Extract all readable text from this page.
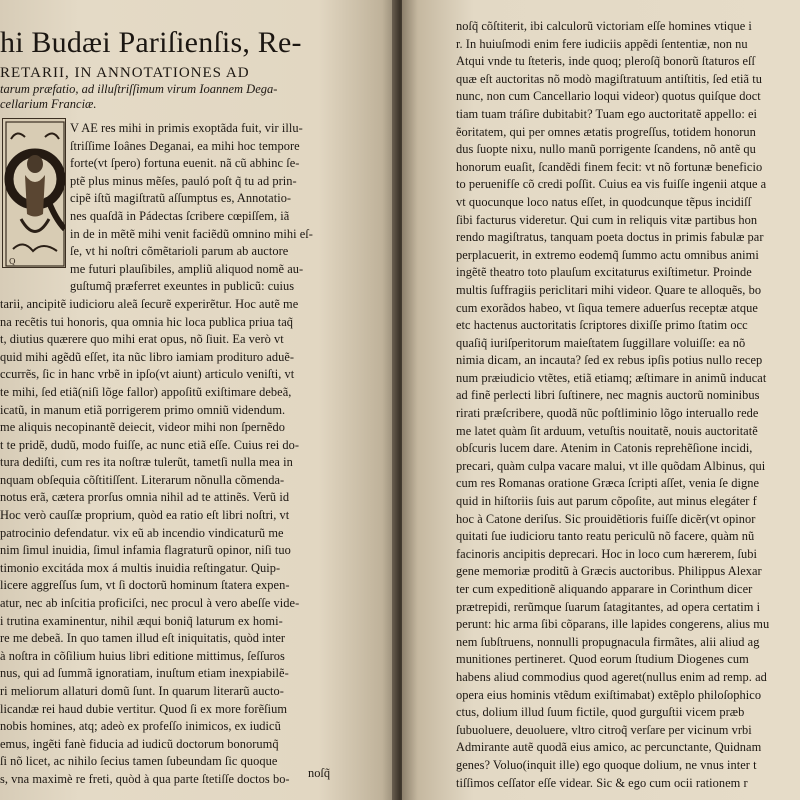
hi Budæi Pariſienſis, Re-
RETARII, IN ANNOTATIONES AD
tarum præfatio, ad illuſtriſſimum virum Ioannem Dega-
cellarium Franciæ.
Q
V AE res mihi in primis exoptãda fuit, vir illu-
ſtriſſime Ioânes Deganai, ea mihi hoc tempore
forte(vt ſpero) fortuna euenit. nã cũ abhinc ſe-
ptẽ plus minus mẽſes, pauló poſt q̃ tu ad prin-
cipẽ iſtũ magiſtratũ aſſumptus es, Annotatio-
nes quaſdã in Pádectas ſcribere cœpiſſem, iã
in de in mẽtẽ mihi venit faciẽdũ omnino mihi eſ-
ſe, vt hi noſtri cõmẽtarioli parum ab auctore
me futuri plauſibiles, ampliũ aliquod nomẽ au-
guſtumq̃ præferret exeuntes in publicũ: cuius
tarii, ancipitẽ iudicioru aleã ſecurẽ experirẽtur. Hoc autẽ me
na recẽtis tui honoris, qua omnia hic loca publica priua taq̃
t, diutius quærere quo mihi erat opus, nõ ſiuit. Ea verò vt
quid mihi agẽdũ eſſet, ita nũc libro iamiam prodituro aduẽ-
ccurrẽs, ſic in hanc vrbẽ in ipſo(vt aiunt) articulo veniſti, vt
te mihi, ſed etiã(niſi lõge fallor) appoſitũ exiſtimare debeã,
icatũ, in manum etiã porrigerem primo omniũ videndum.
me aliquis necopinantẽ deiecit, videor mihi non ſpernẽdo
t te pridẽ, dudũ, modo fuiſſe, ac nunc etiã eſſe. Cuius rei do-
tura dediſti, cum res ita noſtræ tulerũt, tametſi nulla mea in
nquam obſequia cõſtitiſſent. Literarum nõnulla cõmenda-
notus erã, cætera prorſus omnia nihil ad te attinẽs. Verũ id
Hoc verò cauſſæ proprium, quòd ea ratio eſt libri noſtri, vt
patrocinio defendatur. vix eũ ab incendio vindicaturũ me
nim ſimul inuidia, ſimul infamia flagraturũ opinor, niſi tuo
timonio excitáda mox á multis inuidia reſtingatur. Quip-
licere aggreſſus ſum, vt ſi doctorũ hominum ſtatera expen-
atur, nec ab inſcitia proficiſci, nec procul à vero abeſſe vide-
i trutina examinentur, nihil æqui boniq̃ laturum ex homi-
re me debeã. In quo tamen illud eſt iniquitatis, quòd inter
à noſtra in cõſilium huius libri editione mittimus, ſeſſuros
nus, qui ad ſummã ignoratiam, inuſtum etiam inexpiabilẽ-
ri meliorum allaturi domũ ſunt. In quarum literarũ aucto-
licandæ rei haud dubie vertitur. Quod ſi ex more forẽſium
nobis homines, atq; adeò ex profeſſo inimicos, ex iudicũ
emus, ingẽti fanè fiducia ad iudicũ doctorum bonorumq̃
ſi nõ licet, ac nihilo ſecius tamen ſubeundam ſic quoque
s, vna maximè re freti, quòd à qua parte ſtetiſſe doctos bo-	noſq̃
noſq̃ cõſtiterit, ibi calculorũ victoriam eſſe homines vtique i
r. In huiuſmodi enim fere iudiciis appẽdi ſententiæ, non nu
Atqui vnde tu ſteteris, inde quoq; pleroſq̃ bonorũ ſtaturos eſſ
quæ eſt auctoritas nõ modò magiſtratuum antiſtitis, ſed etiã tu
nunc, non cum Cancellario loqui videor) quotus quiſque doct
tiam tuam tráſire dubitabit? Tuam ego auctoritatẽ appello: ei
ẽoritatem, qui per omnes ætatis progreſſus, totidem honorun
dus ſuopte nixu, nullo manũ porrigente ſcandens, nõ antẽ qu
honorum euaſit, ſcandẽdi finem fecit: vt nõ fortunæ beneficio
to peruenifſe cõ credi poſſit. Cuius ea vis fuiſſe ingenii atque a
vt quocunque loco natus eſſet, in quodcunque tẽpus incidiſſ
ſibi facturus videretur. Qui cum in reliquis vitæ partibus hon
rendo magiſtratus, tanquam poeta doctus in primis fabulæ par
perplacuerit, in extremo eodemq̃ ſummo actu omnibus animi
ingẽtẽ theatro toto plauſum excitaturus exiſtimetur. Proinde
multis ſuffragiis periclitari mihi videor. Quare te alloquẽs, bo
cum exorãdos habeo, vt ſiqua temere aduerſus receptæ atque
etc hactenus auctoritatis ſcriptores dixiſſe primo ſtatim occ
quaſiq̃ iuriſperitorum maieſtatem ſuggillare voluiſſe: ea nõ
nimia dicam, an incauta? ſed ex rebus ipſis potius nullo recep
num præiudicio vtẽtes, etiã etiamq; æſtimare in animũ inducat
ad finẽ perlecti libri ſuſtinere, nec magnis auctorũ nominibus
rirati præſcribere, quodã nũc poſtliminio lõgo interuallo rede
me latet quàm ſit arduum, vetuſtis nouitatẽ, nouis auctoritatẽ
obſcuris lucem dare. Atenim in Catonis reprehẽſione incidi,
precari, quàm culpa vacare malui, vt ille quõdam Albinus, qui
cum res Romanas oratione Græca ſcripti aſſet, venia ſe digne
quid in hiſtoriis ſuis aut parum cõpoſite, aut minus elegáter f
hoc à Catone deriſus. Sic prouidẽtioris fuiſſe dicẽr(vt opinor
quitati ſue iudicioru tanto reatu periculũ nõ facere, quàm nũ
facinoris ancipitis deprecari. Hoc in loco cum hærerem, ſubi
gene memoriæ proditũ à Græcis auctoribus. Philippus Alexar
ter cum expeditionẽ aliquando apparare in Corinthum dicer
prætrepidi, rerũmque ſuarum ſatagitantes, ad opera certatim i
perunt: hic arma ſibi cõparans, ille lapides congerens, alius mu
nem ſubſtruens, nonnulli propugnacula firmãtes, alii aliud ag
munitiones pertineret. Quod eorum ſtudium Diogenes cum
habens aliud commodius quod ageret(nullus enim ad remp. ad
opera eius hominis vtẽdum exiſtimabat) extẽplo philoſophico
ctus, dolium illud ſuum fictile, quod gurguſtii vicem præb
ſubuoluere, deuoluere, vltro citroq̃ verſare per vicinum vrbi
Admirante autẽ quodã eius amico, ac percunctante, Quidnam
genes? Voluo(inquit ille) ego quoque dolium, ne vnus inter t
tiſſimos ceſſator eſſe videar. Sic & ego cum ocii rationem r
